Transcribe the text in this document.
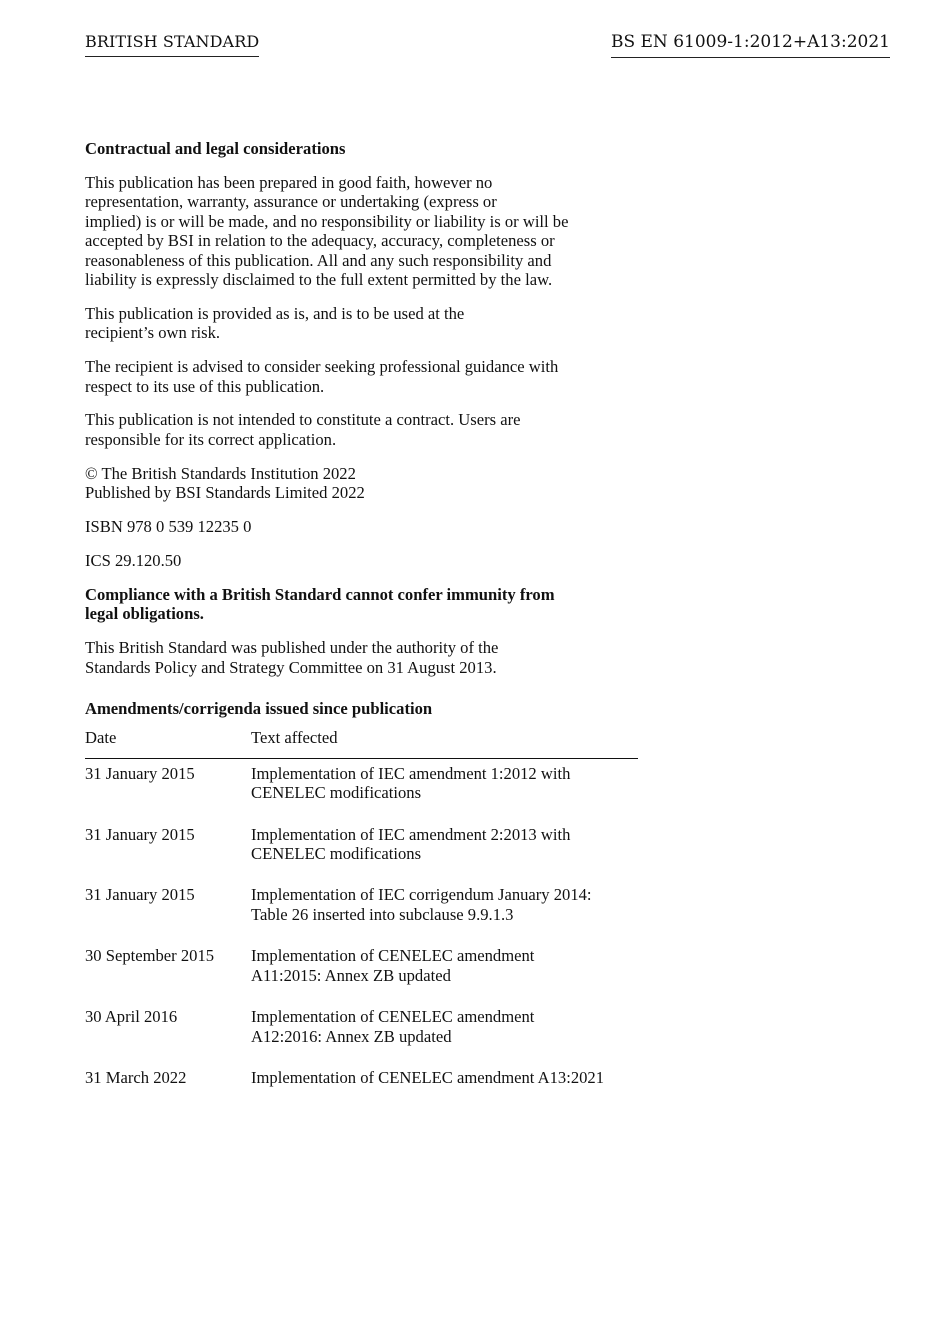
BRITISH STANDARD	BS EN 61009-1:2012+A13:2021

Contractual and legal considerations

This publication has been prepared in good faith, however no
representation, warranty, assurance or undertaking (express or
implied) is or will be made, and no responsibility or liability is or will be
accepted by BSI in relation to the adequacy, accuracy, completeness or
reasonableness of this publication. All and any such responsibility and
liability is expressly disclaimed to the full extent permitted by the law.

This publication is provided as is, and is to be used at the
recipient’s own risk.

The recipient is advised to consider seeking professional guidance with
respect to its use of this publication.

This publication is not intended to constitute a contract. Users are
responsible for its correct application.

© The British Standards Institution 2022
Published by BSI Standards Limited 2022

ISBN 978 0 539 12235 0

ICS 29.120.50

Compliance with a British Standard cannot confer immunity from
legal obligations.

This British Standard was published under the authority of the
Standards Policy and Strategy Committee on 31 August 2013.

Amendments/corrigenda issued since publication
Date	Text affected
31 January 2015	Implementation of IEC amendment 1:2012 with
CENELEC modifications

31 January 2015	Implementation of IEC amendment 2:2013 with
CENELEC modifications

31 January 2015	Implementation of IEC corrigendum January 2014:
Table 26 inserted into subclause 9.9.1.3

30 September 2015	Implementation of CENELEC amendment
A11:2015: Annex ZB updated

30 April 2016	Implementation of CENELEC amendment
A12:2016: Annex ZB updated

31 March 2022	Implementation of CENELEC amendment A13:2021
